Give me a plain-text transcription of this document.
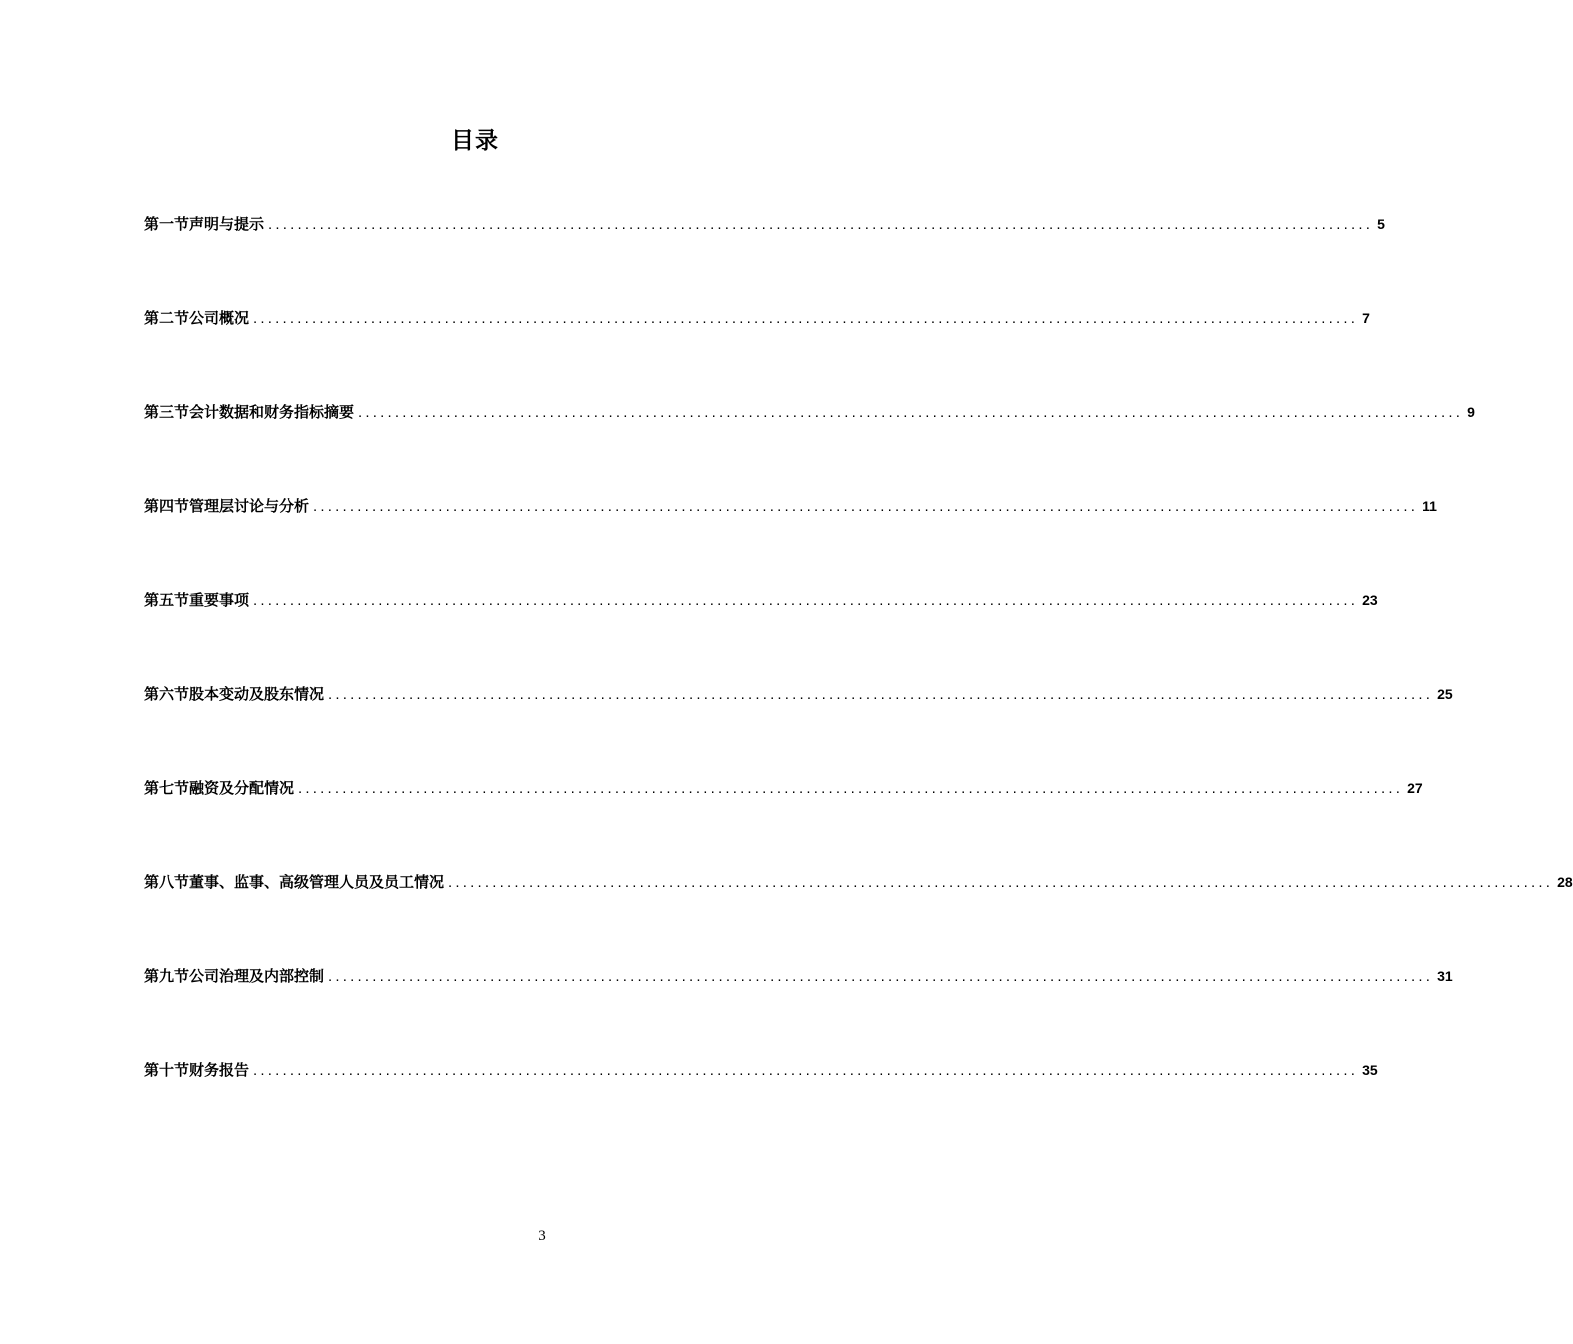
目录
第一节声明与提示 ...................................................................................................................................................... 5
第二节公司概况 ...................................................................................................................................................... 7
第三节会计数据和财务指标摘要 ...................................................................................................................................................... 9
第四节管理层讨论与分析 ...................................................................................................................................................... 11
第五节重要事项 ...................................................................................................................................................... 23
第六节股本变动及股东情况 ...................................................................................................................................................... 25
第七节融资及分配情况 ...................................................................................................................................................... 27
第八节董事、监事、高级管理人员及员工情况 ...................................................................................................................................................... 28
第九节公司治理及内部控制 ...................................................................................................................................................... 31
第十节财务报告 ...................................................................................................................................................... 35
3
